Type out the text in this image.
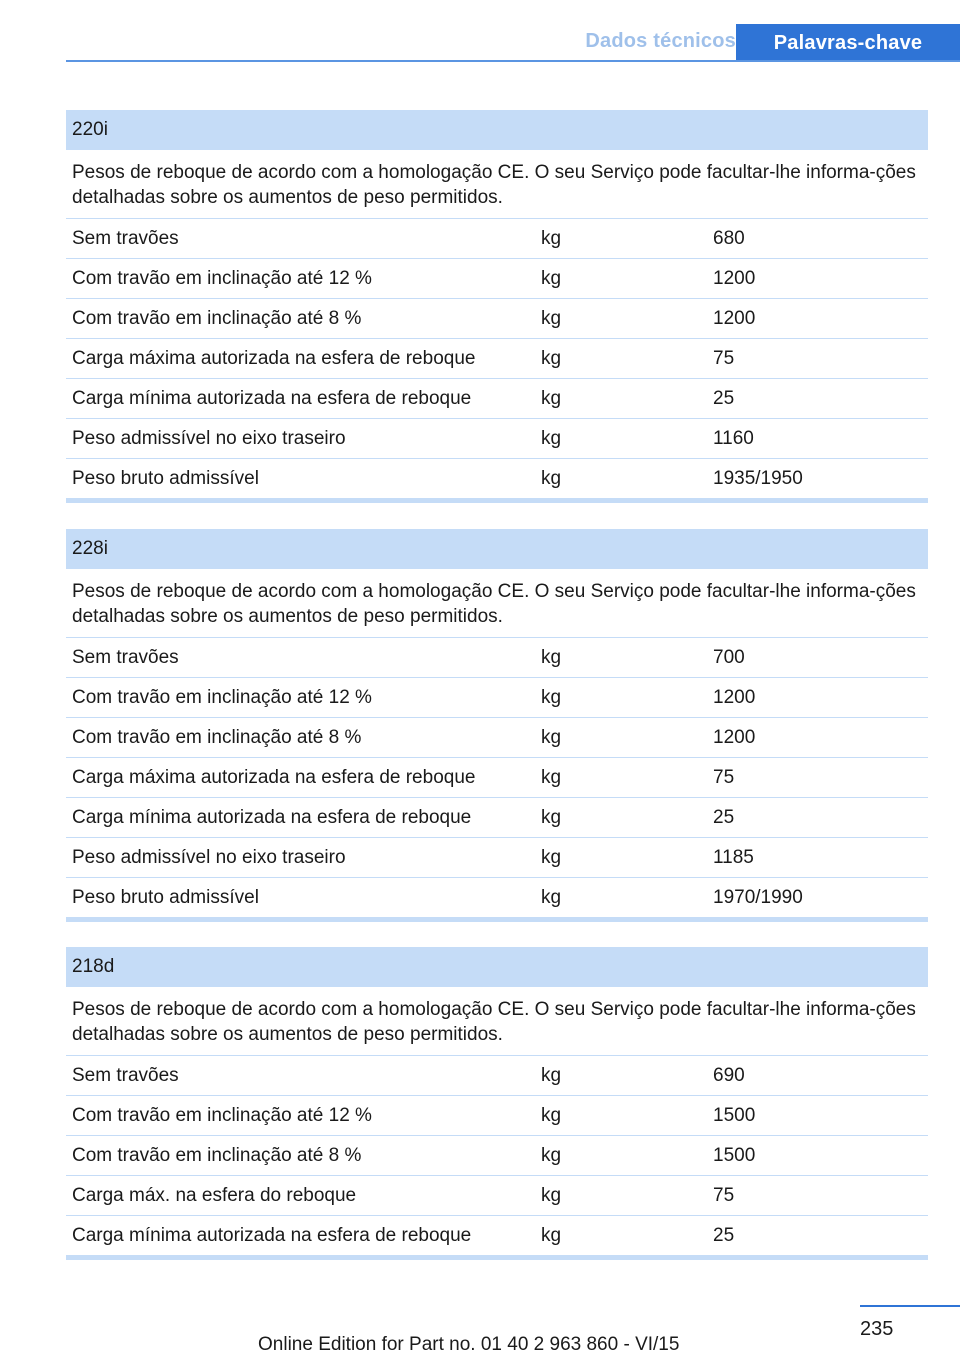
Dados técnicos	Palavras-chave
220i
Pesos de reboque de acordo com a homologação CE. O seu Serviço pode facultar-lhe informa-ções detalhadas sobre os aumentos de peso permitidos.
Sem travões	kg	680
Com travão em inclinação até 12 %	kg	1200
Com travão em inclinação até 8 %	kg	1200
Carga máxima autorizada na esfera de reboque	kg	75
Carga mínima autorizada na esfera de reboque	kg	25
Peso admissível no eixo traseiro	kg	1160
Peso bruto admissível	kg	1935/1950
228i
Pesos de reboque de acordo com a homologação CE. O seu Serviço pode facultar-lhe informa-ções detalhadas sobre os aumentos de peso permitidos.
Sem travões	kg	700
Com travão em inclinação até 12 %	kg	1200
Com travão em inclinação até 8 %	kg	1200
Carga máxima autorizada na esfera de reboque	kg	75
Carga mínima autorizada na esfera de reboque	kg	25
Peso admissível no eixo traseiro	kg	1185
Peso bruto admissível	kg	1970/1990
218d
Pesos de reboque de acordo com a homologação CE. O seu Serviço pode facultar-lhe informa-ções detalhadas sobre os aumentos de peso permitidos.
Sem travões	kg	690
Com travão em inclinação até 12 %	kg	1500
Com travão em inclinação até 8 %	kg	1500
Carga máx. na esfera do reboque	kg	75
Carga mínima autorizada na esfera de reboque	kg	25
235
Online Edition for Part no. 01 40 2 963 860 - VI/15
